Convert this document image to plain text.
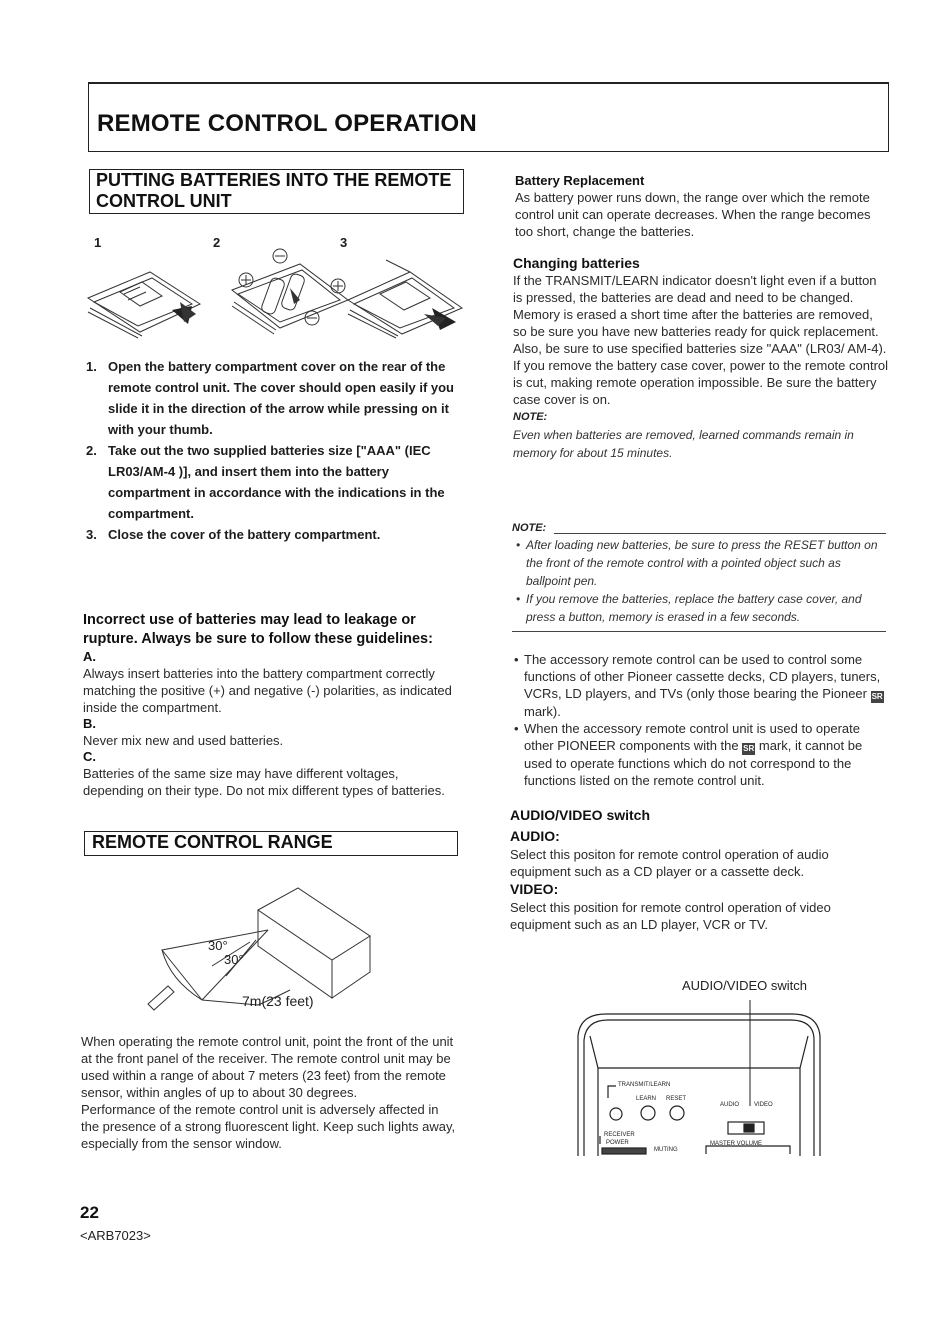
REMOTE CONTROL OPERATION
PUTTING BATTERIES INTO THE REMOTE
CONTROL UNIT
1	2	3
1. Open the battery compartment cover on the rear of the remote control unit. The cover should open easily if you slide it in the direction of the arrow while pressing on it with your thumb.
2. Take out the two supplied batteries size ["AAA" (IEC LR03/AM-4 )], and insert them into the battery compartment in accordance with the indications in the compartment.
3. Close the cover of the battery compartment.

Incorrect use of batteries may lead to leakage or rupture. Always be sure to follow these guidelines:

A.

Always insert batteries into the battery compartment correctly matching the positive (+) and negative (-) polarities, as indicated inside the compartment.

B.

Never mix new and used batteries.

C.

Batteries of the same size may have different voltages, depending on their type. Do not mix different types of batteries.

REMOTE CONTROL RANGE
30°
30°
7m(23 feet)

When operating the remote control unit, point the front of the unit at the front panel of the receiver. The remote control unit may be used within a range of about 7 meters (23 feet) from the remote sensor, within angles of up to about 30 degrees.

Performance of the remote control unit is adversely affected in the presence of a strong fluorescent light. Keep such lights away, especially from the sensor window.

22
<ARB7023>

Battery Replacement

As battery power runs down, the range over which the remote control unit can operate decreases. When the range becomes too short, change the batteries.

Changing batteries

If the TRANSMIT/LEARN indicator doesn't light even if a button is pressed, the batteries are dead and need to be changed. Memory is erased a short time after the batteries are removed, so be sure you have new batteries ready for quick replacement.

Also, be sure to use specified batteries size "AAA" (LR03/ AM-4).

If you remove the battery case cover, power to the remote control is cut, making remote operation impossible. Be sure the battery case cover is on.

NOTE:

Even when batteries are removed, learned commands remain in memory for about 15 minutes.

NOTE:
• After loading new batteries, be sure to press the RESET button on the front of the remote control with a pointed object such as ballpoint pen.
• If you remove the batteries, replace the battery case cover, and press a button, memory is erased in a few seconds.
• The accessory remote control can be used to control some functions of other Pioneer cassette decks, CD players, tuners, VCRs, LD players, and TVs (only those bearing the Pioneer SR mark).
• When the accessory remote control unit is used to operate other PIONEER components with the SR mark, it cannot be used to operate functions which do not correspond to the functions listed on the remote control unit.

AUDIO/VIDEO switch

AUDIO:

Select this positon for remote control operation of audio equipment such as a CD player or a cassette deck.

VIDEO:

Select this position for remote control operation of video equipment such as an LD player, VCR or TV.

AUDIO/VIDEO switch
TRANSMIT/LEARN
LEARN RESET
AUDIO VIDEO
RECEIVER
POWER
MUTING
MASTER VOLUME
